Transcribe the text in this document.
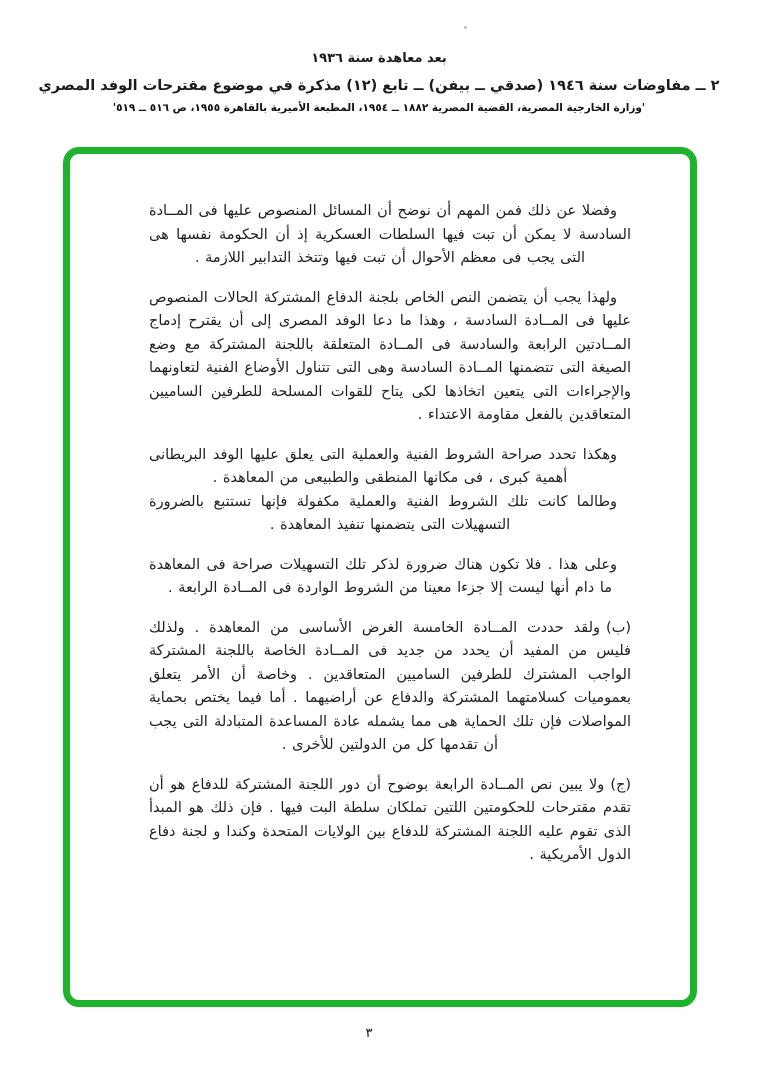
بعد معاهدة سنة ١٩٣٦
٢ ــ مفاوضات سنة ١٩٤٦ (صدقي ــ بيفن) ــ تابع (١٢) مذكرة في موضوع مقترحات الوفد المصري
'وزارة الخارجية المصرية، القضية المصرية ١٨٨٢ ــ ١٩٥٤، المطبعة الأميرية بالقاهرة ١٩٥٥، ص ٥١٦ ــ ٥١٩'

وفضلا عن ذلك فمن المهم أن نوضح أن المسائل المنصوص عليها فى المــادة السادسة لا يمكن أن تبت فيها السلطات العسكرية إذ أن الحكومة نفسها هى التى يجب فى معظم الأحوال أن تبت فيها وتتخذ التدابير اللازمة .

ولهذا يجب أن يتضمن النص الخاص بلجنة الدفاع المشتركة الحالات المنصوص عليها فى المــادة السادسة ، وهذا ما دعا الوفد المصرى إلى أن يقترح إدماج المــادتين الرابعة والسادسة فى المــادة المتعلقة باللجنة المشتركة مع وضع الصيغة التى تتضمنها المــادة السادسة وهى التى تتناول الأوضاع الفنية لتعاونهما والإجراءات التى يتعين اتخاذها لكى يتاح للقوات المسلحة للطرفين الساميين المتعاقدين بالفعل مقاومة الاعتداء .

وهكذا تحدد صراحة الشروط الفنية والعملية التى يعلق عليها الوفد البريطانى أهمية كبرى ، فى مكانها المنطقى والطبيعى من المعاهدة .

وطالما كانت تلك الشروط الفنية والعملية مكفولة فإنها تستتبع بالضرورة التسهيلات التى يتضمنها تنفيذ المعاهدة .

وعلى هذا . فلا تكون هناك ضرورة لذكر تلك التسهيلات صراحة فى المعاهدة ما دام أنها ليست إلا جزءا معينا من الشروط الواردة فى المــادة الرابعة .

(ب)ولقد حددت المــادة الخامسة الغرض الأساسى من المعاهدة . ولذلك فليس من المفيد أن يحدد من جديد فى المــادة الخاصة باللجنة المشتركة الواجب المشترك للطرفين الساميين المتعاقدين . وخاصة أن الأمر يتعلق بعموميات كسلامتهما المشتركة والدفاع عن أراضيهما . أما فيما يختص بحماية المواصلات فإن تلك الحماية هى مما يشمله عادة المساعدة المتبادلة التى يجب أن تقدمها كل من الدولتين للأخرى .

(ج)ولا يبين نص المــادة الرابعة بوضوح أن دور اللجنة المشتركة للدفاع هو أن تقدم مقترحات للحكومتين اللتين تملكان سلطة البت فيها . فإن ذلك هو المبدأ الذى تقوم عليه اللجنة المشتركة للدفاع بين الولايات المتحدة وكندا و لجنة دفاع الدول الأمريكية .

٣
